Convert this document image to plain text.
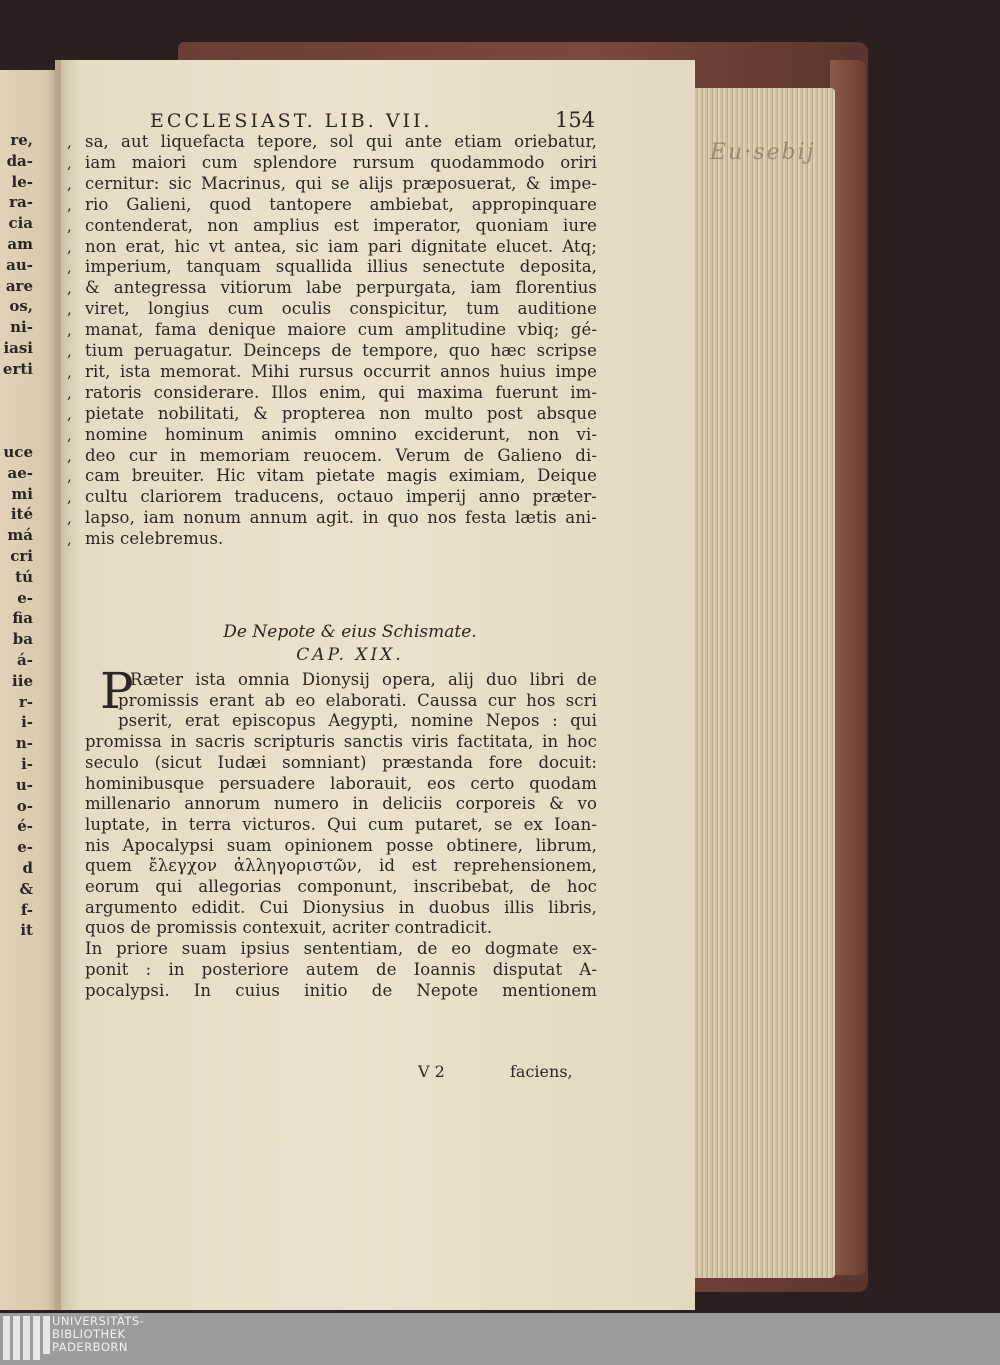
Eu·sebij
ECCLESIAST. LIB. VII.	154
, sa, aut liquefacta tepore, sol qui ante etiam oriebatur,
, iam maiori cum splendore rursum quodammodo oriri
, cernitur: sic Macrinus, qui se alijs præposuerat, & impe-
, rio Galieni, quod tantopere ambiebat, appropinquare
, contenderat, non amplius est imperator, quoniam iure
, non erat, hic vt antea, sic iam pari dignitate elucet. Atq;
, imperium, tanquam squallida illius senectute deposita,
, & antegressa vitiorum labe perpurgata, iam florentius
, viret, longius cum oculis conspicitur, tum auditione
, manat, fama denique maiore cum amplitudine vbiq; gé-
, tium peruagatur. Deinceps de tempore, quo hæc scripse
, rit, ista memorat. Mihi rursus occurrit annos huius impe
, ratoris considerare. Illos enim, qui maxima fuerunt im-
, pietate nobilitati, & propterea non multo post absque
, nomine hominum animis omnino exciderunt, non vi-
, deo cur in memoriam reuocem. Verum de Galieno di-
, cam breuiter. Hic vitam pietate magis eximiam, Deique
, cultu clariorem traducens, octauo imperij anno præter-
, lapso, iam nonum annum agit. in quo nos festa lætis ani-
, mis celebremus.
De Nepote & eius Schismate.
CAP. XIX.
P
Ræter ista omnia Dionysij opera, alij duo libri de
promissis erant ab eo elaborati. Caussa cur hos scri
pserit, erat episcopus Aegypti, nomine Nepos : qui
promissa in sacris scripturis sanctis viris factitata, in hoc
seculo (sicut Iudæi somniant) præstanda fore docuit:
hominibusque persuadere laborauit, eos certo quodam
millenario annorum numero in deliciis corporeis & vo
luptate, in terra victuros. Qui cum putaret, se ex Ioan-
nis Apocalypsi suam opinionem posse obtinere, librum,
quem ἔλεγχον ἀλληγοριστῶν, id est reprehensionem,
eorum qui allegorias componunt, inscribebat, de hoc
argumento edidit. Cui Dionysius in duobus illis libris,
quos de promissis contexuit, acriter contradicit.
In priore suam ipsius sententiam, de eo dogmate ex-
ponit : in posteriore autem de Ioannis disputat A-
pocalypsi. In cuius initio de Nepote mentionem
V 2	faciens,
UNIVERSITÄTS-
BIBLIOTHEK
PADERBORN
re,
da-
le-
ra-
cia
am
au-
are
os,
ni-
iasi
erti
uce
ae-
mi
ité
má
cri
tú
e-
fia
ba
á-
iie
r-
i-
n-
i-
u-
o-
é-
e-
d
&
f-
it
